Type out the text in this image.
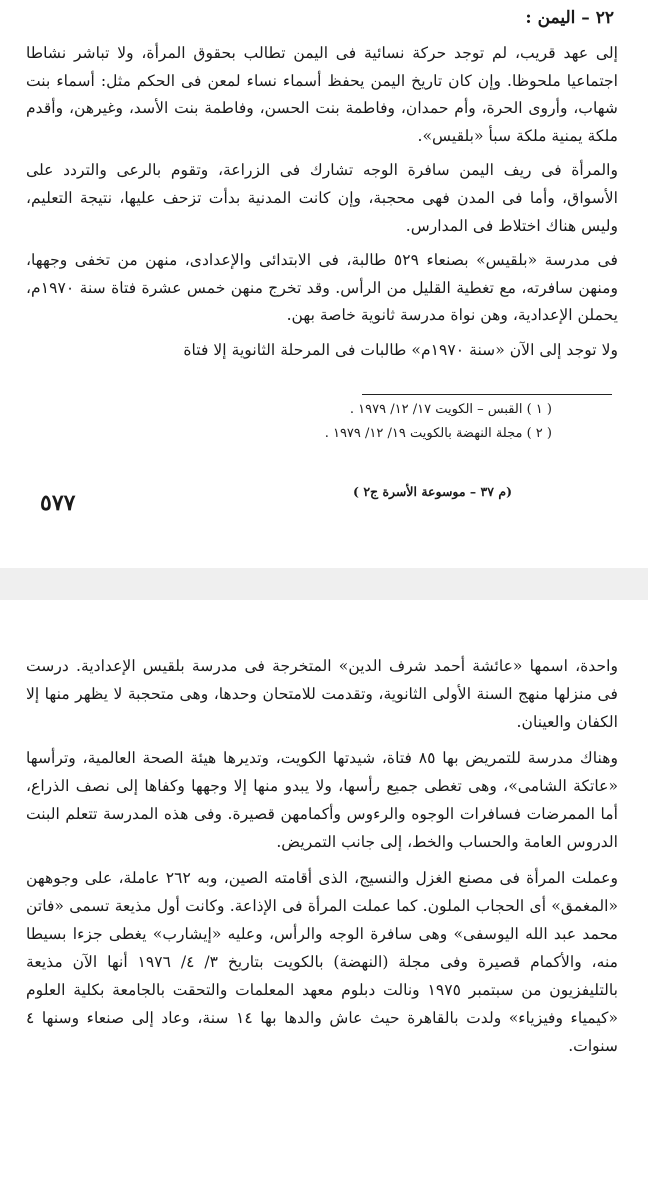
٢٢ – اليمن :

إلى عهد قريب، لم توجد حركة نسائية فى اليمن تطالب بحقوق المرأة، ولا تباشر نشاطا اجتماعيا ملحوظا. وإن كان تاريخ اليمن يحفظ أسماء نساء لمعن فى الحكم مثل: أسماء بنت شهاب، وأروى الحرة، وأم حمدان، وفاطمة بنت الحسن، وفاطمة بنت الأسد، وغيرهن، وأقدم ملكة يمنية ملكة سبأ «بلقيس».

والمرأة فى ريف اليمن سافرة الوجه تشارك فى الزراعة، وتقوم بالرعى والتردد على الأسواق، وأما فى المدن فهى محجبة، وإن كانت المدنية بدأت تزحف عليها، نتيجة التعليم، وليس هناك اختلاط فى المدارس.

فى مدرسة «بلقيس» بصنعاء ٥٢٩ طالبة، فى الابتدائى والإعدادى، منهن من تخفى وجهها، ومنهن سافرته، مع تغطية القليل من الرأس. وقد تخرج منهن خمس عشرة فتاة سنة ١٩٧٠م، يحملن الإعدادية، وهن نواة مدرسة ثانوية خاصة بهن.

ولا توجد إلى الآن «سنة ١٩٧٠م» طالبات فى المرحلة الثانوية إلا فتاة

( ١ ) القبس – الكويت ١٧/ ١٢/ ١٩٧٩ .

( ٢ ) مجلة النهضة بالكويت ١٩/ ١٢/ ١٩٧٩ .

(م ٣٧ – موسوعة الأسرة ج٢ )

٥٧٧

واحدة، اسمها «عائشة أحمد شرف الدين» المتخرجة فى مدرسة بلقيس الإعدادية. درست فى منزلها منهج السنة الأولى الثانوية، وتقدمت للامتحان وحدها، وهى متحجبة لا يظهر منها إلا الكفان والعينان.

وهناك مدرسة للتمريض بها ٨٥ فتاة، شيدتها الكويت، وتديرها هيئة الصحة العالمية، وترأسها «عاتكة الشامى»، وهى تغطى جميع رأسها، ولا يبدو منها إلا وجهها وكفاها إلى نصف الذراع، أما الممرضات فسافرات الوجوه والرءوس وأكمامهن قصيرة. وفى هذه المدرسة تتعلم البنت الدروس العامة والحساب والخط، إلى جانب التمريض.

وعملت المرأة فى مصنع الغزل والنسيج، الذى أقامته الصين، وبه ٢٦٢ عاملة، على وجوههن «المغمق» أى الحجاب الملون. كما عملت المرأة فى الإذاعة. وكانت أول مذيعة تسمى «فاتن محمد عبد الله اليوسفى» وهى سافرة الوجه والرأس، وعليه «إيشارب» يغطى جزءا بسيطا منه، والأكمام قصيرة وفى مجلة (النهضة) بالكويت بتاريخ ٣/ ٤/ ١٩٧٦ أنها الآن مذيعة بالتليفزيون من سبتمبر ١٩٧٥ ونالت دبلوم معهد المعلمات والتحقت بالجامعة بكلية العلوم «كيمياء وفيزياء» ولدت بالقاهرة حيث عاش والدها بها ١٤ سنة، وعاد إلى صنعاء وسنها ٤ سنوات.
